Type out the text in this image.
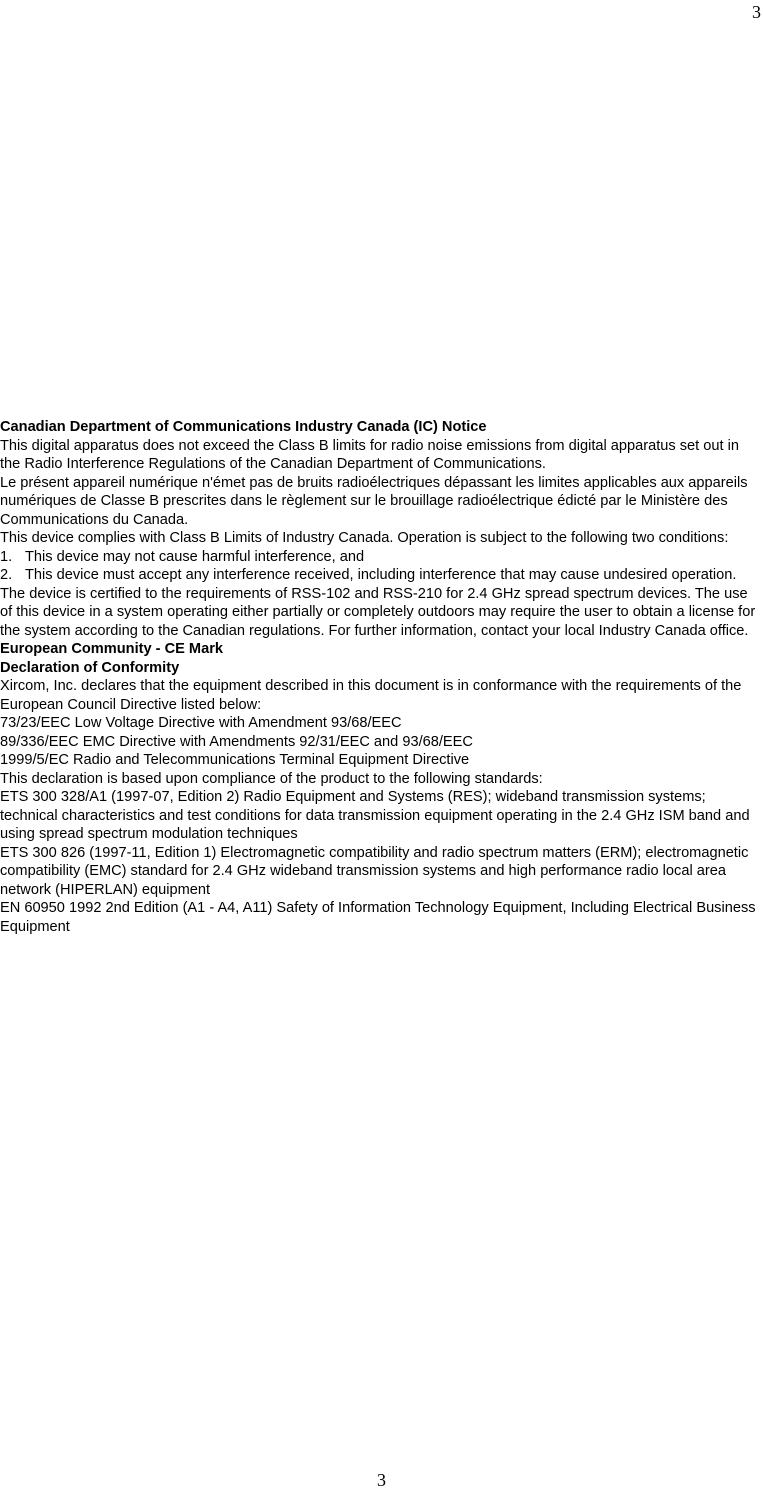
3

Canadian Department of Communications Industry Canada (IC) Notice

This digital apparatus does not exceed the Class B limits for radio noise emissions from digital apparatus set out in the Radio Interference Regulations of the Canadian Department of Communications.

Le présent appareil numérique n'émet pas de bruits radioélectriques dépassant les limites applicables aux appareils numériques de Classe B prescrites dans le règlement sur le brouillage radioélectrique édicté par le Ministère des Communications du Canada.

This device complies with Class B Limits of Industry Canada. Operation is subject to the following two conditions:

1. This device may not cause harmful interference, and
2. This device must accept any interference received, including interference that may cause undesired operation.

The device is certified to the requirements of RSS-102 and RSS-210 for 2.4 GHz spread spectrum devices. The use of this device in a system operating either partially or completely outdoors may require the user to obtain a license for the system according to the Canadian regulations. For further information, contact your local Industry Canada office.

European Community - CE Mark

Declaration of Conformity

Xircom, Inc. declares that the equipment described in this document is in conformance with the requirements of the European Council Directive listed below:

73/23/EEC Low Voltage Directive with Amendment 93/68/EEC

89/336/EEC EMC Directive with Amendments 92/31/EEC and 93/68/EEC

1999/5/EC Radio and Telecommunications Terminal Equipment Directive

This declaration is based upon compliance of the product to the following standards:

ETS 300 328/A1 (1997-07, Edition 2) Radio Equipment and Systems (RES); wideband transmission systems; technical characteristics and test conditions for data transmission equipment operating in the 2.4 GHz ISM band and using spread spectrum modulation techniques

ETS 300 826 (1997-11, Edition 1) Electromagnetic compatibility and radio spectrum matters (ERM); electromagnetic compatibility (EMC) standard for 2.4 GHz wideband transmission systems and high performance radio local area network (HIPERLAN) equipment

EN 60950 1992 2nd Edition (A1 - A4, A11) Safety of Information Technology Equipment, Including Electrical Business Equipment

3
